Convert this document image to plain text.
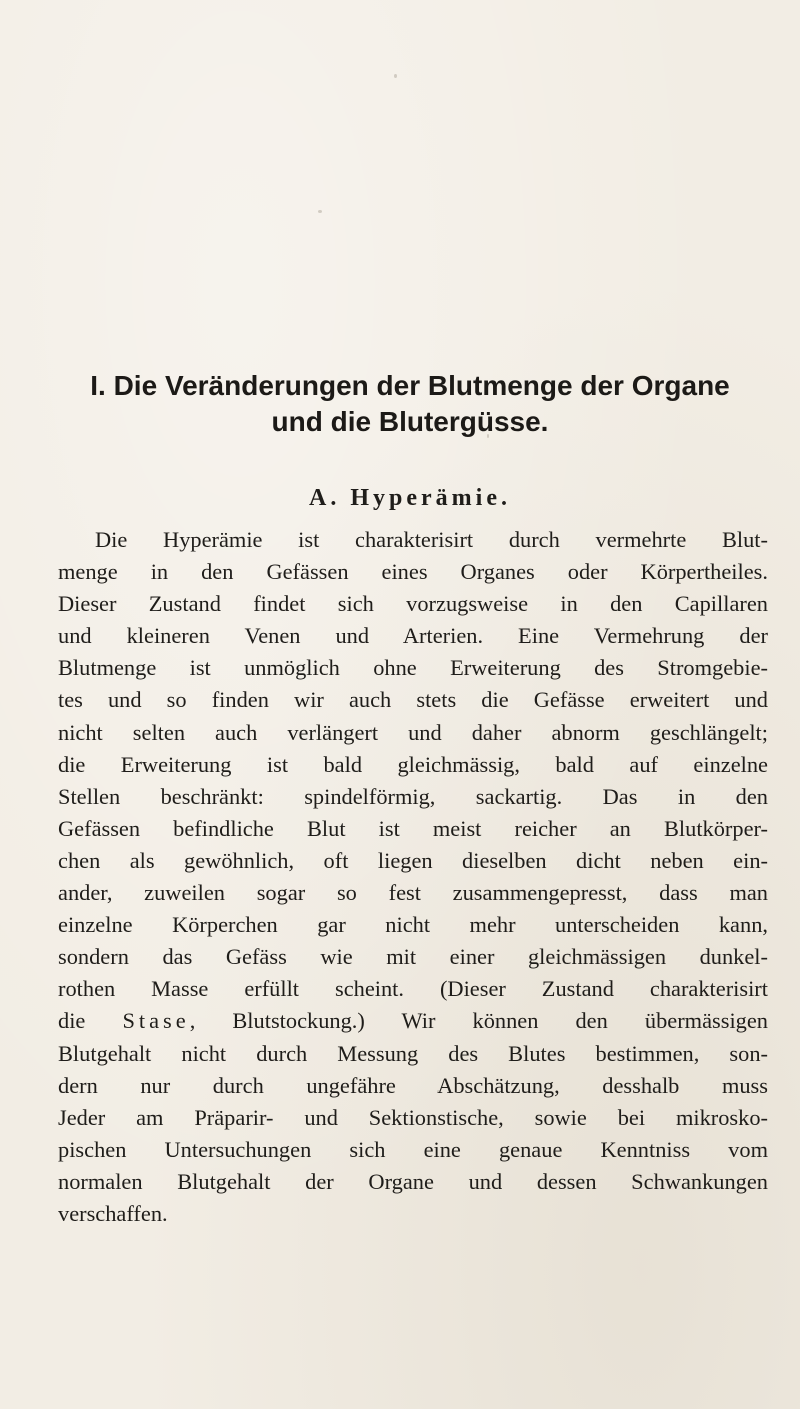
I. Die Veränderungen der Blutmenge der Organe
und die Blutergüsse.
A. Hyperämie.
Die Hyperämie ist charakterisirt durch vermehrte Blut-
menge in den Gefässen eines Organes oder Körpertheiles.
Dieser Zustand findet sich vorzugsweise in den Capillaren
und kleineren Venen und Arterien. Eine Vermehrung der
Blutmenge ist unmöglich ohne Erweiterung des Stromgebie-
tes und so finden wir auch stets die Gefässe erweitert und
nicht selten auch verlängert und daher abnorm geschlängelt;
die Erweiterung ist bald gleichmässig, bald auf einzelne
Stellen beschränkt: spindelförmig, sackartig. Das in den
Gefässen befindliche Blut ist meist reicher an Blutkörper-
chen als gewöhnlich, oft liegen dieselben dicht neben ein-
ander, zuweilen sogar so fest zusammengepresst, dass man
einzelne Körperchen gar nicht mehr unterscheiden kann,
sondern das Gefäss wie mit einer gleichmässigen dunkel-
rothen Masse erfüllt scheint. (Dieser Zustand charakterisirt
die Stase, Blutstockung.) Wir können den übermässigen
Blutgehalt nicht durch Messung des Blutes bestimmen, son-
dern nur durch ungefähre Abschätzung, desshalb muss
Jeder am Präparir- und Sektionstische, sowie bei mikrosko-
pischen Untersuchungen sich eine genaue Kenntniss vom
normalen Blutgehalt der Organe und dessen Schwankungen
verschaffen.
